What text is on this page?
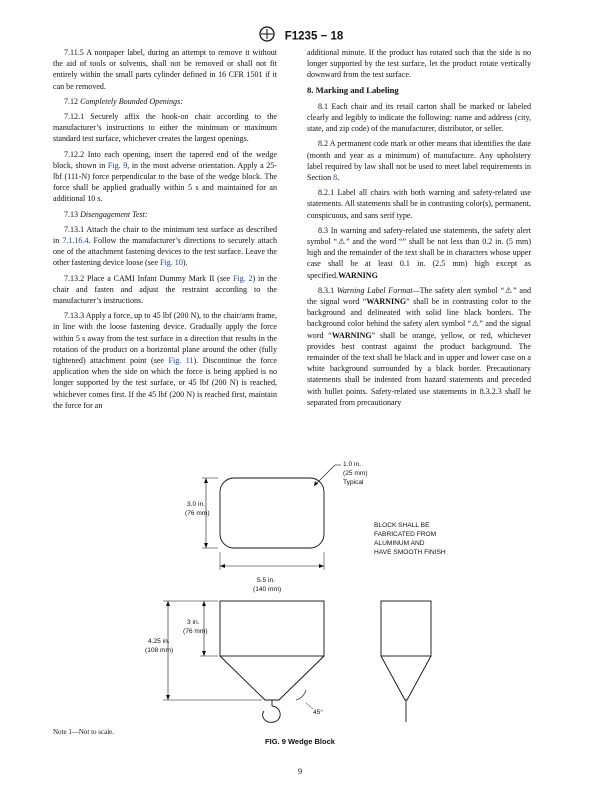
F1235 − 18

7.11.5 A nonpaper label, during an attempt to remove it without the aid of tools or solvents, shall not be removed or shall not fit entirely within the small parts cylinder defined in 16 CFR 1501 if it can be removed.

7.12 Completely Bounded Openings:

7.12.1 Securely affix the hook-on chair according to the manufacturer’s instructions to either the minimum or maximum standard test surface, whichever creates the largest openings.

7.12.2 Into each opening, insert the tapered end of the wedge block, shown in Fig. 9, in the most adverse orientation. Apply a 25-lbf (111-N) force perpendicular to the base of the wedge block. The force shall be applied gradually within 5 s and maintained for an additional 10 s.

7.13 Disengagement Test:

7.13.1 Attach the chair to the minimum test surface as described in 7.1.16.4. Follow the manufacturer’s directions to securely attach one of the attachment fastening devices to the test surface. Leave the other fastening device loose (see Fig. 10).

7.13.2 Place a CAMI Infant Dummy Mark II (see Fig. 2) in the chair and fasten and adjust the restraint according to the manufacturer’s instructions.

7.13.3 Apply a force, up to 45 lbf (200 N), to the chair/arm frame, in line with the loose fastening device. Gradually apply the force within 5 s away from the test surface in a direction that results in the rotation of the product on a horizontal plane around the other (fully tightened) attachment point (see Fig. 11). Discontinue the force application when the side on which the force is being applied is no longer supported by the test surface, or 45 lbf (200 N) is reached, whichever comes first. If the 45 lbf (200 N) is reached first, maintain the force for an

additional minute. If the product has rotated such that the side is no longer supported by the test surface, let the product rotate vertically downward from the test surface.

8. Marking and Labeling

8.1 Each chair and its retail carton shall be marked or labeled clearly and legibly to indicate the following: name and address (city, state, and zip code) of the manufacturer, distributor, or seller.

8.2 A permanent code mark or other means that identifies the date (month and year as a minimum) of manufacture. Any upholstery label required by law shall not be used to meet label requirements in Section 8.

8.2.1 Label all chairs with both warning and safety-related use statements. All statements shall be in contrasting color(s), permanent, conspicuous, and sans serif type.

8.3 In warning and safety-related use statements, the safety alert symbol “⚠” and the word “” shall be not less than 0.2 in. (5 mm) high and the remainder of the text shall be in characters whose upper case shall be at least 0.1 in. (2.5 mm) high except as specified.WARNING

8.3.1 Warning Label Format—The safety alert symbol “⚠” and the signal word “WARNING” shall be in contrasting color to the background and delineated with solid line black borders. The background color behind the safety alert symbol “⚠” and the signal word “WARNING” shall be orange, yellow, or red, whichever provides best contrast against the product background. The remainder of the text shall be black and in upper and lower case on a white background surrounded by a black border. Precautionary statements shall be indented from hazard statements and preceded with bullet points. Safety-related use statements in 8.3.2.3 shall be separated from precautionary

1.0 in.
(25 mm)
Typical
3.0 in.
(76 mm)
5.5 in.
(140 mm)
BLOCK SHALL BE
FABRICATED FROM
ALUMINUM AND
HAVE SMOOTH FINISH
3 in.
(76 mm)
4.25 in.
(108 mm)
45°
Note 1—Not to scale.
FIG. 9 Wedge Block
9
